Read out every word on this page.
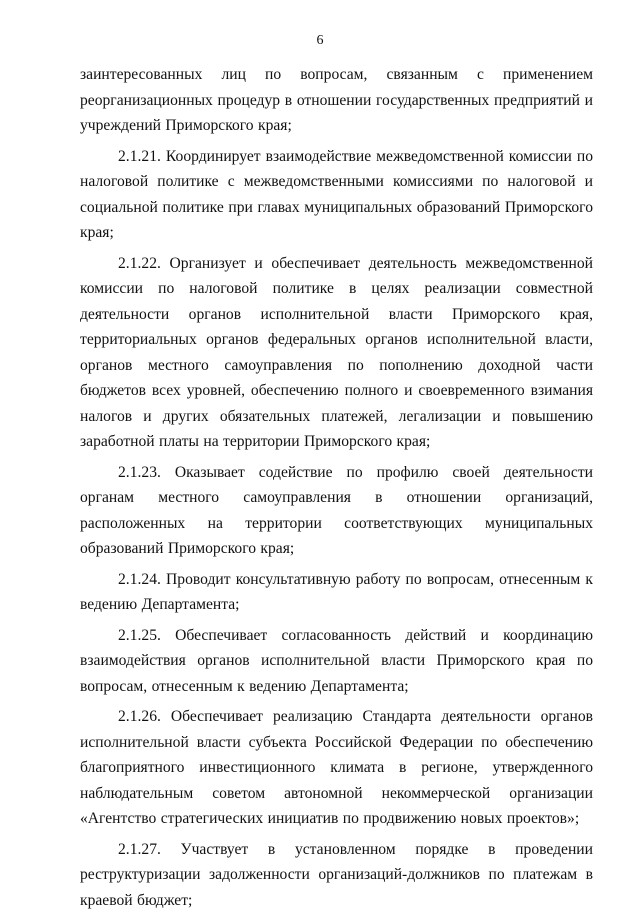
6

заинтересованных лиц по вопросам, связанным с применением реорганизационных процедур в отношении государственных предприятий и учреждений Приморского края;

2.1.21. Координирует взаимодействие межведомственной комиссии по налоговой политике с межведомственными комиссиями по налоговой и социальной политике при главах муниципальных образований Приморского края;

2.1.22. Организует и обеспечивает деятельность межведомственной комиссии по налоговой политике в целях реализации совместной деятельности органов исполнительной власти Приморского края, территориальных органов федеральных органов исполнительной власти, органов местного самоуправления по пополнению доходной части бюджетов всех уровней, обеспечению полного и своевременного взимания налогов и других обязательных платежей, легализации и повышению заработной платы на территории Приморского края;

2.1.23. Оказывает содействие по профилю своей деятельности органам местного самоуправления в отношении организаций, расположенных на территории соответствующих муниципальных образований Приморского края;

2.1.24. Проводит консультативную работу по вопросам, отнесенным к ведению Департамента;

2.1.25. Обеспечивает согласованность действий и координацию взаимодействия органов исполнительной власти Приморского края по вопросам, отнесенным к ведению Департамента;

2.1.26. Обеспечивает реализацию Стандарта деятельности органов исполнительной власти субъекта Российской Федерации по обеспечению благоприятного инвестиционного климата в регионе, утвержденного наблюдательным советом автономной некоммерческой организации «Агентство стратегических инициатив по продвижению новых проектов»;

2.1.27. Участвует в установленном порядке в проведении реструктуризации задолженности организаций-должников по платежам в краевой бюджет;
